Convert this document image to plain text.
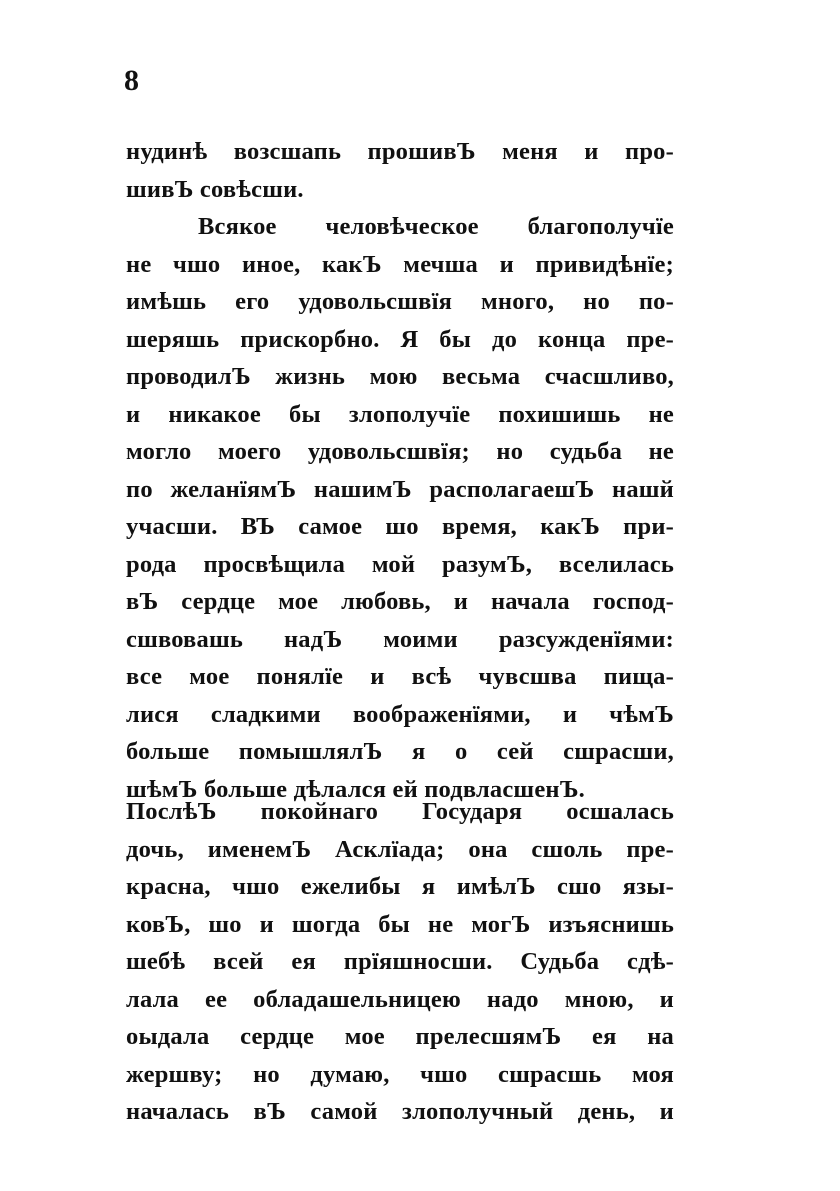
8
нудинѣ возсшапь прошивЪ меня и про-
шивЪ совѣсши.
Всякое человѣческое благополучїе
не чшо иное, какЪ мечша и привидѣнїе;
имѣшь его удовольсшвїя много, но по-
шеряшь прискорбно. Я бы до конца пре-
проводилЪ жизнь мою весьма счасшливо,
и никакое бы злополучїе похишишь не
могло моего удовольсшвїя; но судьба не
по желанїямЪ нашимЪ располагаешЪ нашй
учасши. ВЪ самое шо время, какЪ при-
рода просвѣщила мой разумЪ, вселилась
вЪ сердце мое любовь, и начала господ-
сшвовашь надЪ моими разсужденїями:
все мое понялїе и всѣ чувсшва пища-
лися сладкими воображенїями, и чѣмЪ
больше помышлялЪ я о сей сшрасши,
шѣмЪ больше дѣлался ей подвласшенЪ.
ПослѣЪ покойнаго Государя осшалась
дочь, именемЪ Асклїада; она сшоль пре-
красна, чшо ежелибы я имѣлЪ сшо язы-
ковЪ, шо и шогда бы не могЪ изъяснишь
шебѣ всей ея прїяшносши. Судьба сдѣ-
лала ее обладашельницею надо мною, и
оыдала сердце мое прелесшямЪ ея на
жершву; но думаю, чшо сшрасшь моя
началась вЪ самой злополучный день, и
